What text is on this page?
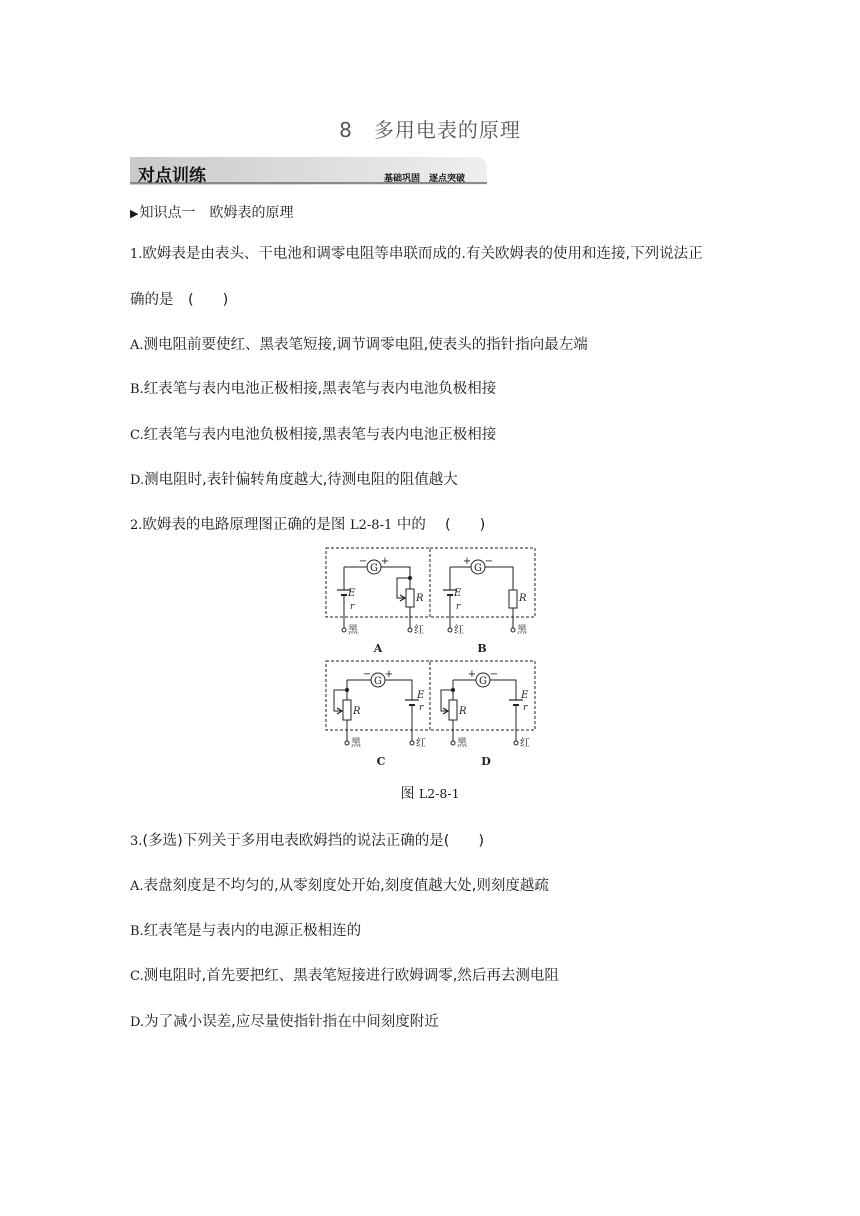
8　多用电表的原理
对点训练	基础巩固　逐点突破
▶知识点一　欧姆表的原理
1.欧姆表是由表头、干电池和调零电阻等串联而成的.有关欧姆表的使用和连接,下列说法正
确的是　(　　)
A.测电阻前要使红、黑表笔短接,调节调零电阻,使表头的指针指向最左端
B.红表笔与表内电池正极相接,黑表笔与表内电池负极相接
C.红表笔与表内电池负极相接,黑表笔与表内电池正极相接
D.测电阻时,表针偏转角度越大,待测电阻的阻值越大
2.欧姆表的电路原理图正确的是图 L2-8-1 中的　 (　　)
G
− +
E
r
R
黑	红
A
G
+ −
E
r
R
红	黑
B
G
− +
R
E
r
黑	红
C
G
+ −
R
E
r
黑	红
D
图 L2-8-1
3.(多选)下列关于多用电表欧姆挡的说法正确的是(　　)
A.表盘刻度是不均匀的,从零刻度处开始,刻度值越大处,则刻度越疏
B.红表笔是与表内的电源正极相连的
C.测电阻时,首先要把红、黑表笔短接进行欧姆调零,然后再去测电阻
D.为了减小误差,应尽量使指针指在中间刻度附近
